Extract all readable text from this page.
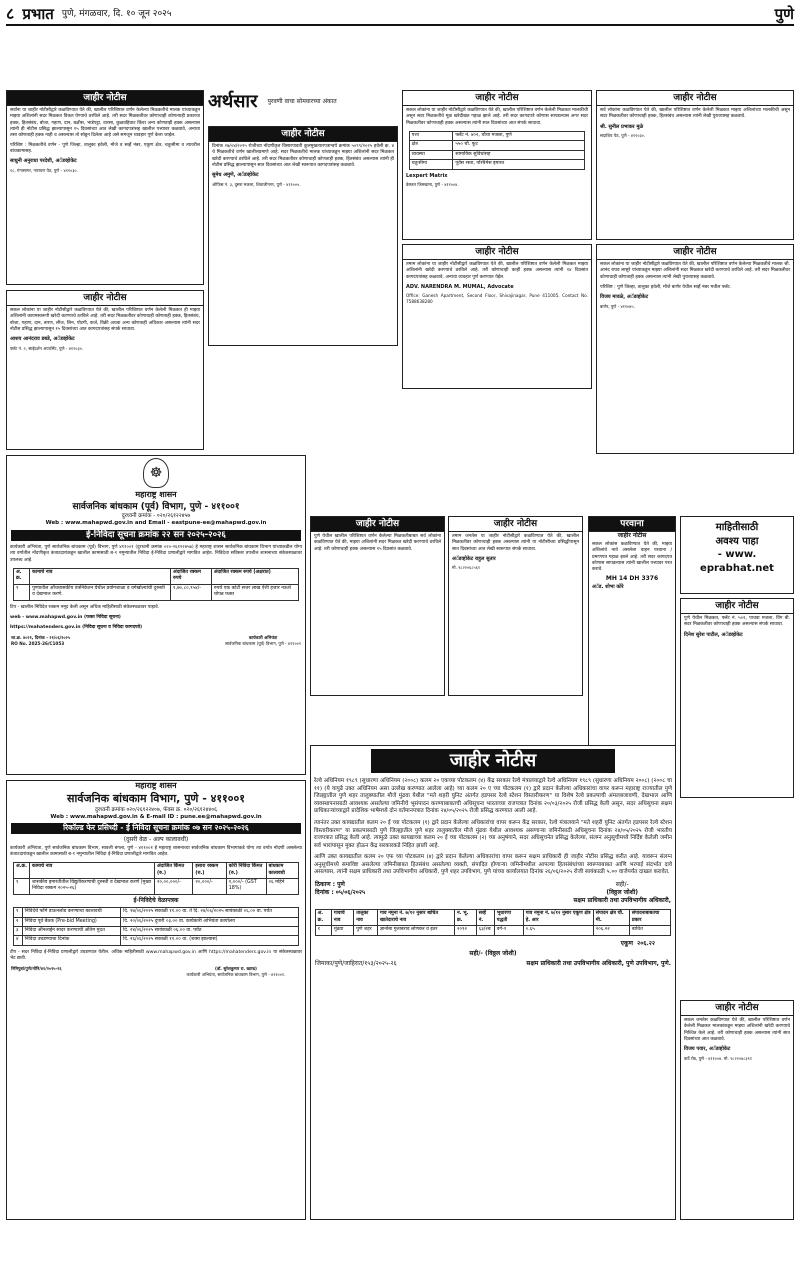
८ प्रभात पुणे, मंगळवार, दि. १० जून २०२५	पुणे
जाहीर नोटीस
सर्वांना या जाहीर नोटीसीद्वारे कळविण्यात येते की, खालील परिशिष्टात वर्णन केलेल्या मिळकतीचे मालक यांच्याकडून माझ्या अशिलांनी सदर मिळकत विकत घेण्याचे ठरविले आहे. तरी सदर मिळकतीवर कोणाचाही कोणत्याही प्रकारचा हक्क, हितसंबंध, बोजा, गहाण, दान, बक्षीस, भाडेपट्टा, वारसा, कुळवहिवाट किंवा अन्य कोणताही हक्क असल्यास त्यांनी ही नोटीस प्रसिद्ध झाल्यापासून १५ दिवसांच्या आत लेखी कागदपत्रांसह खालील पत्त्यावर कळवावे, अन्यथा तसा कोणताही हक्क नाही व असल्यास तो सोडून दिलेला आहे असे समजून व्यवहार पूर्ण केला जाईल.
परिशिष्ट : मिळकतीचे वर्णन - पुणे जिल्हा, तालुका हवेली, मौजे व सर्व्हे नंबर, एकूण क्षेत्र, चतुःसीमा व त्यावरील बांधकामासह.
साधुनी अनुराधा परदेशी, अॅडव्होकेट
१८, गंगासागर, नारायण पेठ, पुणे - ४११०३०.
जाहीर नोटीस
सकल लोकांना या जाहीर नोटीसीद्वारे कळविण्यात येते की, खालील परिशिष्टात वर्णन केलेली मिळकत ही माझ्या अशिलांनी कायमस्वरूपी खरेदी करण्याचे ठरविले आहे. तरी सदर मिळकतीवर कोणाचाही कोणताही हक्क, हितसंबंध, बोजा, गहाण, दान, तारण, लीज, लिन, पोटगी, कर्ज, विक्री अथवा अन्य कोणताही अधिकार असल्यास त्यांनी सदर नोटीस प्रसिद्ध झाल्यापासून १५ दिवसांच्या आत कागदपत्रांसह संपर्क साधावा.
आशय आनंदराव डबडे, अॅडव्होकेट
फ्लॅट नं. २, साईदर्शन अपार्टमेंट, पुणे - ४११०३०.
अर्थसार पुरवणी वाचा सोमवारच्या अंकात
जाहीर नोटीस
दिनांक २७/०४/२०२५ रोजीच्या नोंदणीकृत विसारपावती कुलमुखत्यारपत्रान्वये क्रमांक ५०९९/२०२५ हवेली क्र. ४ चे मिळकतीचे वर्णन खालीलप्रमाणे आहे. सदर मिळकतीचे मालक यांच्याकडून माझ्या अशिलांनी सदर मिळकत खरेदी करण्याचे ठरविले आहे. तरी सदर मिळकतीवर कोणाचाही कोणताही हक्क, हितसंबंध असल्यास त्यांनी ही नोटीस प्रसिद्ध झाल्यापासून सात दिवसांच्या आत लेखी स्वरूपात कागदपत्रांसह कळवावे.
सुमेध अमुणे, अॅडव्होकेट
ऑफिस नं. ३, दुसरा मजला, शिवाजीनगर, पुणे - ४११००५.
जाहीर नोटीस
सकल लोकांना या जाहीर नोटीसीद्वारे कळविण्यात येते की, खालील परिशिष्टात वर्णन केलेली मिळकत मालकीची असून सदर मिळकतीचे मूळ खरेदीखत गहाळ झाले आहे. तरी सदर कागदपत्रे कोणास सापडल्यास अगर सदर मिळकतीवर कोणाचाही हक्क असल्यास त्यांनी सात दिवसांच्या आत संपर्क साधावा.
पत्ता	फ्लॅट नं. ४०२, चौथा मजला, पुणे
क्षेत्र	५५० चौ. फूट
व्यवस्था	सामायिक सुविधांसह
चतुःसीमा	पूर्वेस रस्ता, पश्चिमेस इमारत
Lexpert Matrix
डेक्कन जिमखाना, पुणे - ४११००४.
जाहीर नोटीस
तमाम लोकांना या जाहीर नोटीसीद्वारे कळविण्यात येते की, खालील परिशिष्टात वर्णन केलेली मिळकत माझ्या अशिलांनी खरेदी करण्याचे ठरविले आहे. तरी कोणाचाही काही हक्क असल्यास त्यांनी १४ दिवसांत कागदपत्रांसह कळवावे, अन्यथा व्यवहार पूर्ण करण्यात येईल.
ADV. NARENDRA M. MUMAL, Advocate
Office: Ganesh Apartment, Second Floor, Shivajinagar, Pune 411005. Contact No. 7588638280
जाहीर नोटीस
सर्व लोकांना कळविण्यात येते की, खालील परिशिष्टात वर्णन केलेली मिळकत माझ्या अशिलांच्या मालकीची असून सदर मिळकतीवर कोणाचाही हक्क, हितसंबंध असल्यास त्यांनी लेखी पुराव्यासह कळवावे.
श्री. सुनील प्रभाकर मुळे
सदाशिव पेठ, पुणे - ४११०३०.
जाहीर नोटीस
सकल लोकांना या जाहीर नोटीसीद्वारे कळविण्यात येते की, खालील परिशिष्टात वर्णन केलेल्या मिळकतीचे मालक श्री. आनंद राघव लासुरे यांच्याकडून माझ्या अशिलांनी सदर मिळकत खरेदी करण्याचे ठरविले आहे. तरी सदर मिळकतीवर कोणाचाही कोणताही हक्क असल्यास त्यांनी लेखी पुराव्यासह कळवावे.
परिशिष्ट : पुणे जिल्हा, तालुका हवेली, मौजे बाणेर येथील सर्व्हे नंबर मधील फ्लॅट.
विजय मावळे, अॅडव्होकेट
बाणेर, पुणे - ४११०४५.
☸
महाराष्ट्र शासन
सार्वजनिक बांधकाम (पूर्व) विभाग, पुणे - ४११००१
दुरध्वनी क्रमांक - ०२०/२६१२२४५७
Web : www.mahapwd.gov.in and Email - eastpune-ee@mahapwd.gov.in
ई-निविदा सूचना क्रमांक २२ सन २०२५-२०२६
कार्यकारी अभियंता, पुणे सार्वजनिक बांधकाम (पूर्व) विभाग, पुणे ४११००१ (दुरध्वनी क्रमांक ०२०-२६१२२४५७) हे महाराष्ट्र शासन सार्वजनिक बांधकाम विभाग यांच्याकडील योग्य त्या वर्गातील नोंदणीकृत कंत्राटदारांकडून खालील कामासाठी ब-१ नमुन्यातील निविदा ई-निविदा प्रणालीद्वारे मागवित आहेत. निविदेचा सविस्तर तपशील शासनाच्या संकेतस्थळावर उपलब्ध आहे.
अ. क्र.	कामाचे नाव	अंदाजित रक्कम रुपये	अंदाजित रक्कम रुपये (अक्षरात)
१	पुण्यातील औंधशासकीय तंत्रनिकेतन येथील प्रयोगशाळा व वर्गखोल्यांची दुरुस्ती व देखभाल करणे.	१,७०,८०,९५४/-	रुपये एक कोटी सत्तर लाख ऐंशी हजार नऊशे चोपन्न फक्त
टिप - खालील निविदेत रक्कम नमूद केली असून अधिक माहितीसाठी संकेतस्थळावर पाहावे.
web - www.mahapwd.gov.in (फक्त निविदा सूचना)
https://mahatenders.gov.in (निविदा सूचना व निविदा कागदपत्रे)
जा.क्र. ४०२१, दिनांक - २१/०६/२०२५
RO No. 2025-26/C1053
कार्यकारी अभियंता
सार्वजनिक बांधकाम (पूर्व) विभाग, पुणे - ४११००१
महाराष्ट्र शासन
सार्वजनिक बांधकाम विभाग, पुणे - ४११००१
दुरध्वनी क्रमांक ०२०/२६१२२४०७, फॅक्स क्र. ०२०/२६१२४४०६
Web : www.mahapwd.gov.in & E-mail ID : pune.ee@mahapwd.gov.in
रिकॉल्ड फेर प्रसिध्दी - ई निविदा सूचना क्रमांक ०७ सन २०२५-२०२६
(दुसरी वेळ - अल्प कालावधी)
कार्यकारी अभियंता, पुणे सार्वजनिक बांधकाम विभाग, सावली बंगला, पुणे - ४११००१ हे महाराष्ट्र शासनाच्या सार्वजनिक बांधकाम विभागाकडे योग्य त्या वर्गात नोंदणी असलेल्या कंत्राटदारांकडून खालील कामासाठी ब-१ नमुन्यातील निविदा ई-निविदा प्रणालीद्वारे मागवित आहेत.
अ.क्र.	कामाचे नाव	अंदाजित किंमत (रु.)	इसारा रक्कम (रु.)	कोरी निविदा किंमत (रु.)	बांधकाम कालावधी
१	शासकीय इमारतीतील विद्युतीकरणाची दुरुस्ती व देखभाल करणे (मुख्य निविदा रक्कम २०२५-२६)	२०,००,०००/-	२०,०००/-	१,०००/- (GST 18%)	०६ महिने
ई-निविदेचे वेळापत्रक
१	निविदेचे फॉर्म डाऊनलोड करण्याचा कालावधी	दि. १७/०६/२०२५ सकाळी ११.०० वा. ते दि. २४/०६/२०२५ सायंकाळी ०६.०० वा. पर्यंत
२	निविदा पूर्व बैठक (Pre-bid Meeting)	दि. २०/०६/२०२५ दुपारी ०३.०० वा. कार्यकारी अभियंता कार्यालय
३	निविदा ऑनलाईन सादर करण्याची अंतिम मुदत	दि. २४/०६/२०२५ सायंकाळी ०६.०० वा. पर्यंत
४	निविदा उघडण्याचा दिनांक	दि. २६/०६/२०२५ सकाळी ११.०० वा. (शक्य झाल्यास)
टीप - सदर निविदा ई-निविदा प्रणालीद्वारे उघडण्यात येतील. अधिक माहितीसाठी www.mahapwd.gov.in आणि https://mahatenders.gov.in या संकेतस्थळावर भेट द्यावी.
निमिपुबां/पुणे/मोनि/४२/२०२५-२६	(डॉ. सुरेशकुमार रा. खारड)
कार्यकारी अभियंता, सार्वजनिक बांधकाम विभाग, पुणे - ४११००१.
जाहीर नोटीस
पुणे येथील खालील परिशिष्टात वर्णन केलेल्या मिळकतीबाबत सर्व लोकांना कळविण्यात येते की, माझ्या अशिलांनी सदर मिळकत खरेदी करण्याचे ठरविले आहे. तरी कोणाचाही हक्क असल्यास १५ दिवसांत कळवावे.
जाहीर नोटीस
तमाम जनतेस या जाहीर नोटीसीद्वारे कळविण्यात येते की, खालील मिळकतीवर कोणाचाही हक्क असल्यास त्यांनी या नोटीसीच्या प्रसिद्धीपासून सात दिवसांच्या आत लेखी स्वरूपात संपर्क साधावा.
अॅडव्होकेट राहुल सुतार
मो. ९८२२०६८५६१
परवाना
जाहीर नोटीस
सकल लोकांस कळविण्यात येते की, माझ्या अशिलांचे नावे असलेला वाहन परवाना / प्रमाणपत्र गहाळ झाले आहे. तरी सदर कागदपत्र कोणास सापडल्यास त्यांनी खालील पत्त्यावर परत करावे.
MH 14 DH 3376
अॅड. शोभा कोरे
माहितीसाठी
अवश्य पाहा
- www.
eprabhat.net
जाहीर नोटीस
पुणे येथील मिळकत, फ्लॅट नं. ५०२, पाचवा मजला, विंग बी. सदर मिळकतीवर कोणाचाही हक्क असल्यास संपर्क साधावा.
दिनेश सुरेश पाटील, अॅडव्होकेट
जाहीर नोटीस
सकल जनतेस कळविण्यात येते की, खालील परिशिष्टात वर्णन केलेली मिळकत मालकांकडून माझ्या अशिलांनी खरेदी करण्याचे निश्चित केले आहे. तरी कोणाचाही हक्क असल्यास त्यांनी सात दिवसांच्या आत कळवावे.
विजय पवार, अॅडव्होकेट
कर्वे रोड, पुणे - ४११००४. मो. ९८२२०४८३९१
जाहीर नोटीस
रेल्वे अधिनियम १९८९ (सुधारणा अधिनियम (२००८) कलम २० एकच्या पोटकलम (४) केंद्र सरकार रेल्वे मंत्रालयाद्वारे रेल्वे अधिनियम १९८९ (सुधारणा अधिनियम २००८) (२००८ चा ११) (ये यापुढे उक्त अधिनियम असा उल्लेख करण्यात आलेला आहे) च्या कलम २० ए च्या पोटकलम (१) द्वारे प्रदान केलेल्या अधिकारांचा वापर करून महाराष्ट्र राज्यातील पुणे जिल्ह्यातील पुणे शहर तालुक्यातील मौजे मुंढवा येथील "मते शहरी युनिट अंतर्गत हडपसर रेल्वे स्टेशन विस्तारीकरण" या विशेष रेल्वे प्रकल्पाची अंमलबजावणी, देखभाल आणि व्यवस्थापनासाठी आवश्यक असलेल्या जमिनीचे भूसंपादन करण्याबाबतची अधिसूचना भारताच्या राजपत्रात दिनांक २०/०३/२०२५ रोजी प्रसिद्ध केली असून, सदर अधिसूचना सक्षम प्राधिकाऱ्यांच्याद्वारे प्रादेशिक भाषेमध्ये दोन वर्तमानपत्रात दिनांक २४/०५/२०२५ रोजी प्रसिद्ध करण्यात आली आहे.
त्यानंतर उक्त कायद्यातील कलम २० ई च्या पोटकलम (१) द्वारे प्रदान केलेल्या अधिकारांचा वापर करून केंद्र सरकार, रेल्वे मंत्रालयाने "मते शहरी युनिट अंतर्गत हडपसर रेल्वे स्टेशन विस्तारीकरण" या प्रकल्पासाठी पुणे जिल्ह्यातील पुणे शहर तालुक्यातील मौजे मुंढवा येथील आवश्यक असणाऱ्या जमिनीसाठी अधिसूचना दिनांक २४/०५/२०२५ रोजी भारतीय राजपत्रात प्रसिद्ध केली आहे. त्यामुळे उक्त कायद्याच्या कलम २० ई च्या पोटकलम (२) च्या अनुषंगाने, सदर अधिसूचनेत प्रसिद्ध केलेल्या, संलग्न अनुसूचीमध्ये निर्दिष्ट केलेली जमीन सर्व भारांपासून मुक्त होऊन केंद्र सरकारकडे निहित झाली आहे.
आणि उक्त कायद्यातील कलम २० एफ च्या पोटकलम (४) द्वारे प्रदान केलेल्या अधिकारांचा वापर करून सक्षम प्राधिकारी ही जाहीर नोटीस प्रसिद्ध करीत आहे. यावरून संलग्न अनुसूचीमध्ये समाविष्ट असलेल्या जमिनीबाबत हितसंबंध असलेल्या व्यक्ती, संपादित होणाऱ्या जमिनीमधील आपल्या हितसंबंधांच्या स्वरूपाबाबत आणि भरपाई संदर्भात दावे असल्यास, त्यांनी सक्षम प्राधिकारी तथा उपविभागीय अधिकारी, पुणे शहर उपविभाग, पुणे यांच्या कार्यालयात दिनांक २६/०६/२०२५ रोजी सायंकाळी ५.०० वाजेपर्यंत दाखल करावेत.
ठिकाण : पुणे
दिनांक : ०५/०६/२०२५
सही/-
(विठ्ठल जोशी)
सक्षम प्राधिकारी तथा उपविभागीय अधिकारी,
अ. क्र.	गावाचे नाव	तालुका नाव	गाव नमुना नं. ७/१२ नुसार बाधित खातेदाराचे नाव	न. भू. क्र.	सर्व्हे नं.	भूधारणा पद्धती	गाव नमुना नं. ७/१२ नुसार एकूण क्षेत्र हे. आर	संपादन क्षेत्र चौ. मी.	संपादनाबाबतचा प्रकार
१	मुंढवा	पुणे शहर	ज्ञानोबा गुलाबराव लोणकर व इतर	२०९२	६३/२ब	वर्ग-१	०.६५	२०६.२२	बाधित
एकूण
२०६.२२
सही/- (विठ्ठल जोशी)
जिमाका/पुणे/जाहिरात/१५३/२०२५-२६	सक्षम प्राधिकारी तथा उपविभागीय अधिकारी, पुणे उपविभाग, पुणे.
